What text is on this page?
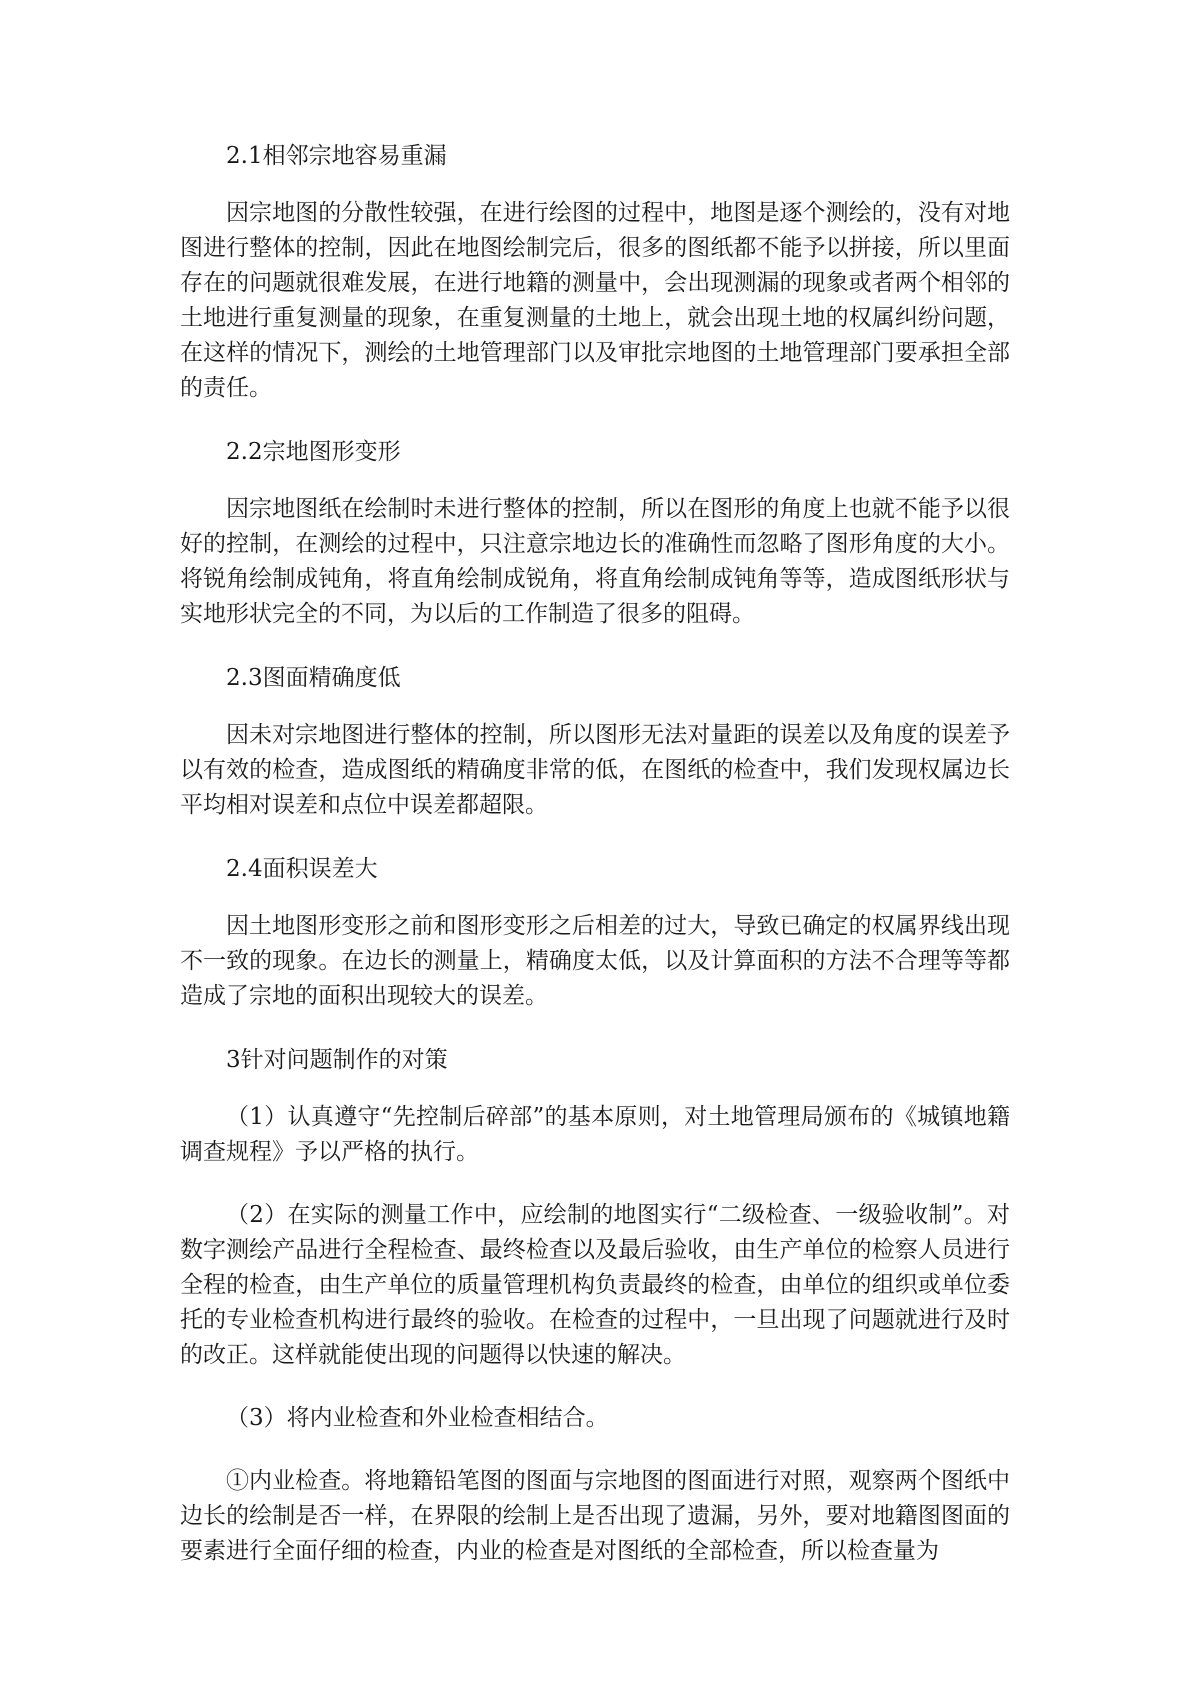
2.1相邻宗地容易重漏

因宗地图的分散性较强，在进行绘图的过程中，地图是逐个测绘的，没有对地图进行整体的控制，因此在地图绘制完后，很多的图纸都不能予以拼接，所以里面存在的问题就很难发展，在进行地籍的测量中，会出现测漏的现象或者两个相邻的土地进行重复测量的现象，在重复测量的土地上，就会出现土地的权属纠纷问题，在这样的情况下，测绘的土地管理部门以及审批宗地图的土地管理部门要承担全部的责任。

2.2宗地图形变形

因宗地图纸在绘制时未进行整体的控制，所以在图形的角度上也就不能予以很好的控制，在测绘的过程中，只注意宗地边长的准确性而忽略了图形角度的大小。将锐角绘制成钝角，将直角绘制成锐角，将直角绘制成钝角等等，造成图纸形状与实地形状完全的不同，为以后的工作制造了很多的阻碍。

2.3图面精确度低

因未对宗地图进行整体的控制，所以图形无法对量距的误差以及角度的误差予以有效的检查，造成图纸的精确度非常的低，在图纸的检查中，我们发现权属边长平均相对误差和点位中误差都超限。

2.4面积误差大

因土地图形变形之前和图形变形之后相差的过大，导致已确定的权属界线出现不一致的现象。在边长的测量上，精确度太低，以及计算面积的方法不合理等等都造成了宗地的面积出现较大的误差。

3针对问题制作的对策

（1）认真遵守“先控制后碎部”的基本原则，对土地管理局颁布的《城镇地籍调查规程》予以严格的执行。

（2）在实际的测量工作中，应绘制的地图实行“二级检查、一级验收制”。对数字测绘产品进行全程检查、最终检查以及最后验收，由生产单位的检察人员进行全程的检查，由生产单位的质量管理机构负责最终的检查，由单位的组织或单位委托的专业检查机构进行最终的验收。在检查的过程中，一旦出现了问题就进行及时的改正。这样就能使出现的问题得以快速的解决。

（3）将内业检查和外业检查相结合。

①内业检查。将地籍铅笔图的图面与宗地图的图面进行对照，观察两个图纸中边长的绘制是否一样，在界限的绘制上是否出现了遗漏，另外，要对地籍图图面的要素进行全面仔细的检查，内业的检查是对图纸的全部检查，所以检查量为
